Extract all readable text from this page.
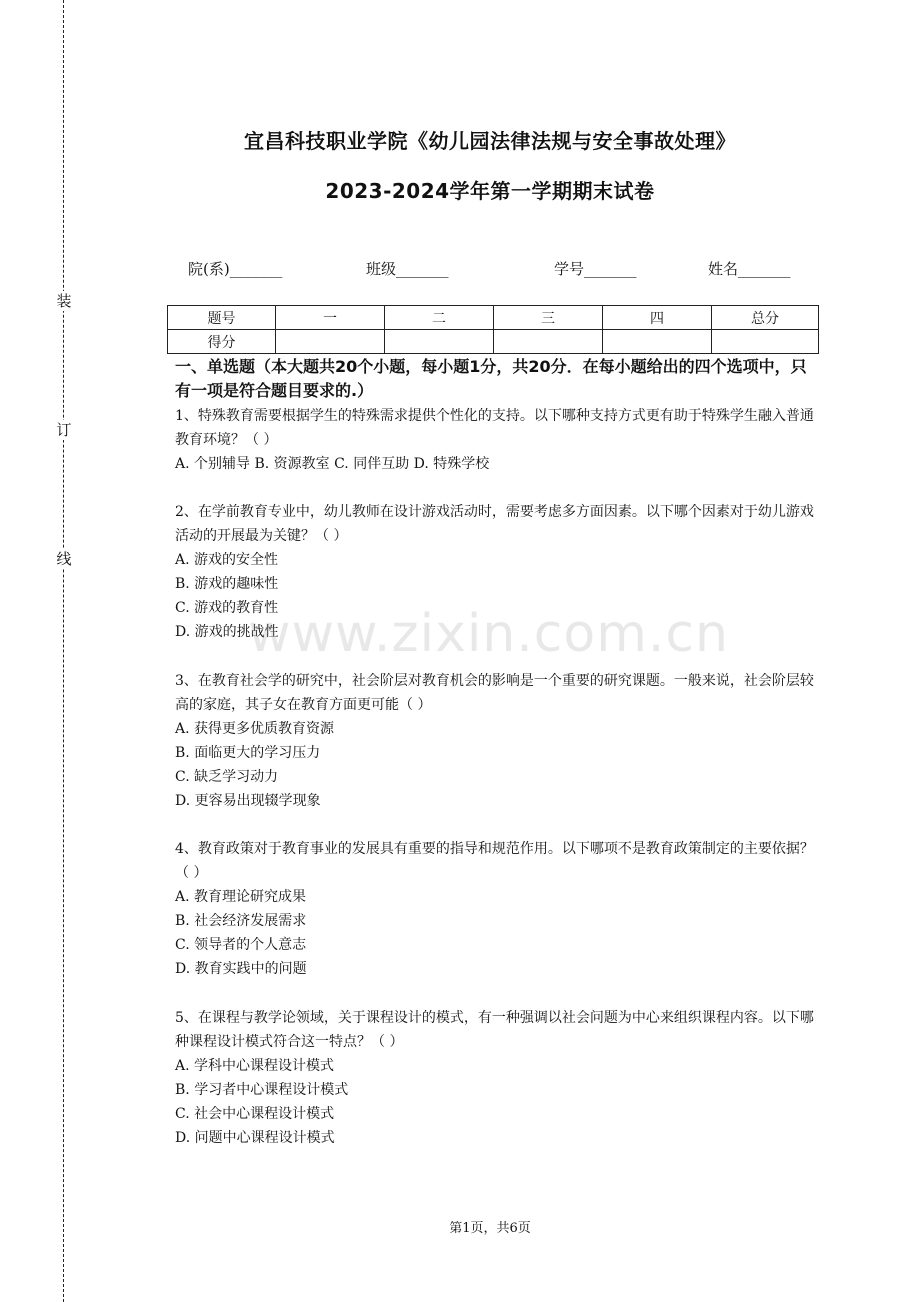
装
订
线
宜昌科技职业学院《幼儿园法律法规与安全事故处理》
2023-2024学年第一学期期末试卷
院(系)_______	班级_______	学号_______	姓名_______
题号	一	二	三	四	总分
得分					
一、单选题（本大题共20个小题，每小题1分，共20分．在每小题给出的四个选项中，只有一项是符合题目要求的.）

1、特殊教育需要根据学生的特殊需求提供个性化的支持。以下哪种支持方式更有助于特殊学生融入普通教育环境？（ ）

A. 个别辅导 B. 资源教室 C. 同伴互助 D. 特殊学校

2、在学前教育专业中，幼儿教师在设计游戏活动时，需要考虑多方面因素。以下哪个因素对于幼儿游戏活动的开展最为关键？（ ）

A. 游戏的安全性

B. 游戏的趣味性

C. 游戏的教育性

D. 游戏的挑战性

3、在教育社会学的研究中，社会阶层对教育机会的影响是一个重要的研究课题。一般来说，社会阶层较高的家庭，其子女在教育方面更可能（ ）

A. 获得更多优质教育资源

B. 面临更大的学习压力

C. 缺乏学习动力

D. 更容易出现辍学现象

4、教育政策对于教育事业的发展具有重要的指导和规范作用。以下哪项不是教育政策制定的主要依据？（ ）

A. 教育理论研究成果

B. 社会经济发展需求

C. 领导者的个人意志

D. 教育实践中的问题

5、在课程与教学论领域，关于课程设计的模式，有一种强调以社会问题为中心来组织课程内容。以下哪种课程设计模式符合这一特点？（ ）

A. 学科中心课程设计模式

B. 学习者中心课程设计模式

C. 社会中心课程设计模式

D. 问题中心课程设计模式

www.zixin.com.cn
第1页，共6页
